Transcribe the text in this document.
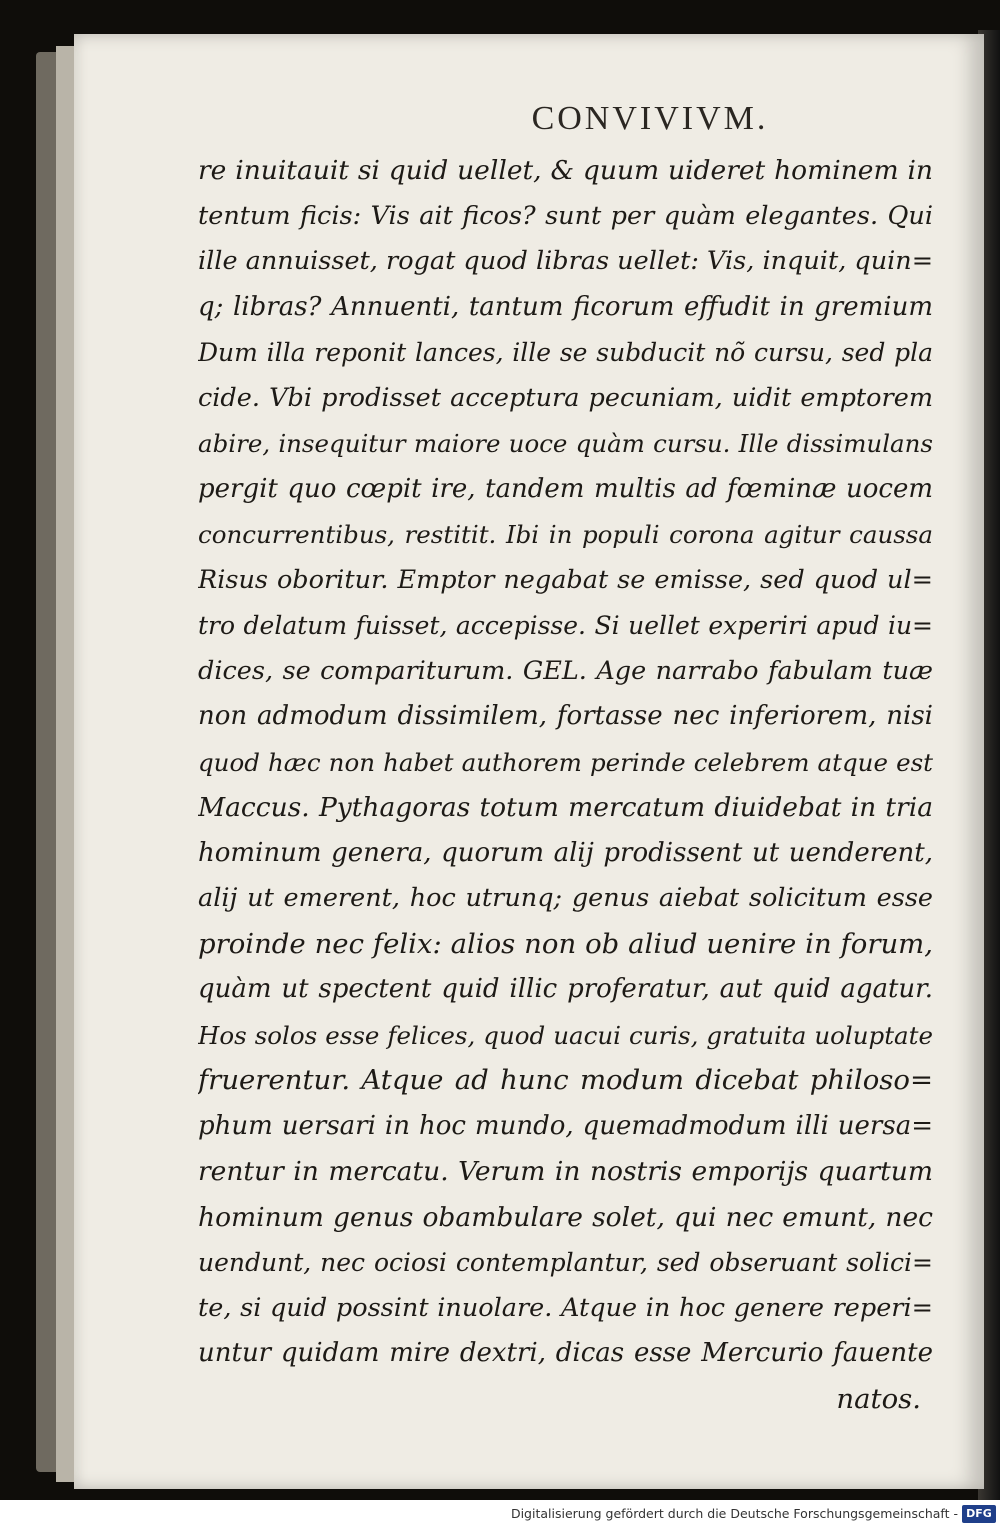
CONVIVIVM.
re inuitauit si quid uellet, & quum uideret hominem in
tentum ficis: Vis ait ficos? sunt per quàm elegantes. Qui
ille annuisset, rogat quod libras uellet: Vis, inquit, quin=
q; libras? Annuenti, tantum ficorum effudit in gremium
Dum illa reponit lances, ille se subducit nõ cursu, sed pla
cide. Vbi prodisset acceptura pecuniam, uidit emptorem
abire, insequitur maiore uoce quàm cursu. Ille dissimulans
pergit quo cœpit ire, tandem multis ad fœminæ uocem
concurrentibus, restitit. Ibi in populi corona agitur caussa
Risus oboritur. Emptor negabat se emisse, sed quod ul=
tro delatum fuisset, accepisse. Si uellet experiri apud iu=
dices, se compariturum. GEL. Age narrabo fabulam tuæ
non admodum dissimilem, fortasse nec inferiorem, nisi
quod hæc non habet authorem perinde celebrem atque est
Maccus. Pythagoras totum mercatum diuidebat in tria
hominum genera, quorum alij prodissent ut uenderent,
alij ut emerent, hoc utrunq; genus aiebat solicitum esse
proinde nec felix: alios non ob aliud uenire in forum,
quàm ut spectent quid illic proferatur, aut quid agatur.
Hos solos esse felices, quod uacui curis, gratuita uoluptate
fruerentur. Atque ad hunc modum dicebat philoso=
phum uersari in hoc mundo, quemadmodum illi uersa=
rentur in mercatu. Verum in nostris emporijs quartum
hominum genus obambulare solet, qui nec emunt, nec
uendunt, nec ociosi contemplantur, sed obseruant solici=
te, si quid possint inuolare. Atque in hoc genere reperi=
untur quidam mire dextri, dicas esse Mercurio fauente
natos.
Digitalisierung gefördert durch die Deutsche Forschungsgemeinschaft - DFG
